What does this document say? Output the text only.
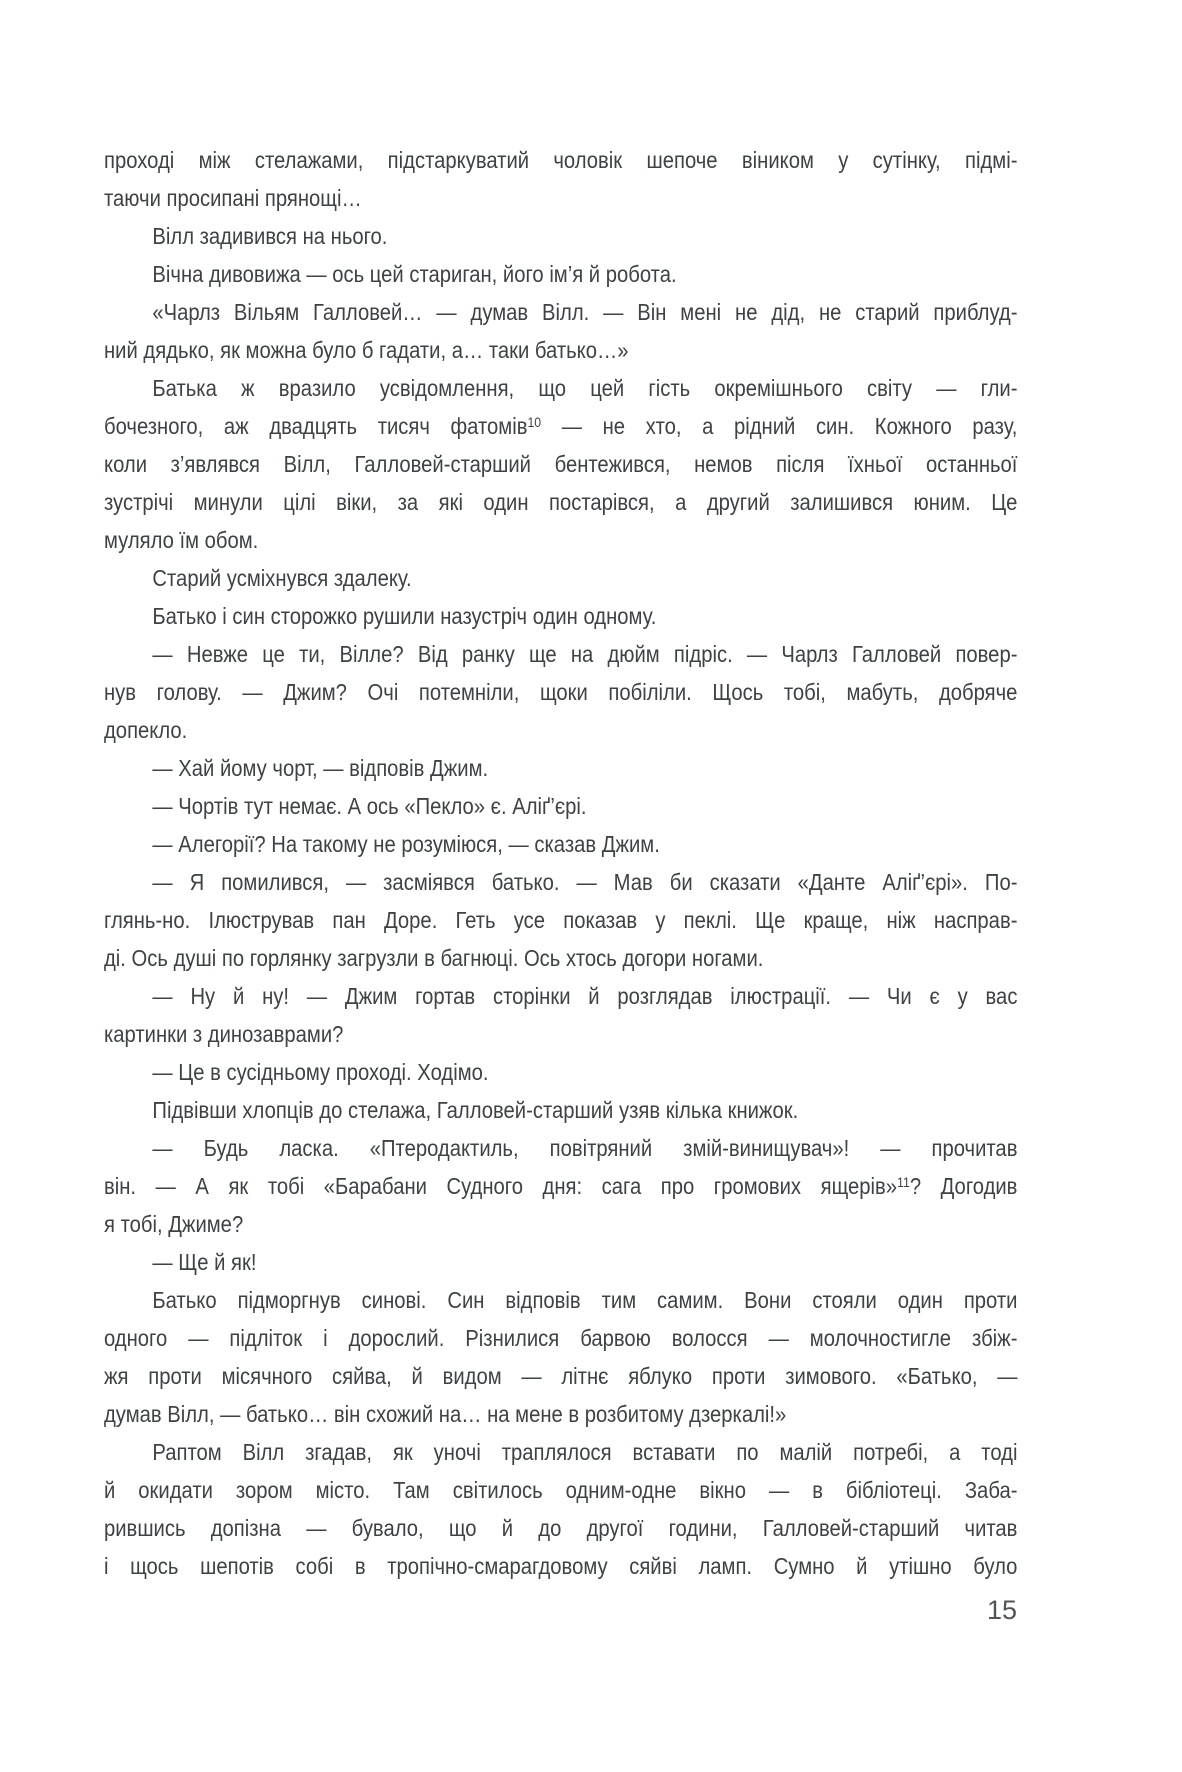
проході між стелажами, підстаркуватий чоловік шепоче віником у сутінку, підмі-
таючи просипані прянощі…
Вілл задивився на нього.
Вічна дивовижа — ось цей стариган, його ім’я й робота.
«Чарлз Вільям Галловей… — думав Вілл. — Він мені не дід, не старий приблуд-
ний дядько, як можна було б гадати, а… таки батько…»
Батька ж вразило усвідомлення, що цей гість окремішнього світу — гли-
бочезного, аж двадцять тисяч фатомів$^{10}$ — не хто, а рідний син. Кожного разу,
коли з’являвся Вілл, Галловей-старший бентежився, немов після їхньої останньої
зустрічі минули цілі віки, за які один постарівся, а другий залишився юним. Це
муляло їм обом.
Старий усміхнувся здалеку.
Батько і син сторожко рушили назустріч один одному.
— Невже це ти, Вілле? Від ранку ще на дюйм підріс. — Чарлз Галловей повер-
нув голову. — Джим? Очі потемніли, щоки побіліли. Щось тобі, мабуть, добряче
допекло.
— Хай йому чорт, — відповів Джим.
— Чортів тут немає. А ось «Пекло» є. Аліґ’єрі.
— Алегорії? На такому не розуміюся, — сказав Джим.
— Я помилився, — засміявся батько. — Мав би сказати «Данте Аліґ’єрі». По-
глянь-но. Ілюстрував пан Доре. Геть усе показав у пеклі. Ще краще, ніж насправ-
ді. Ось душі по горлянку загрузли в багнюці. Ось хтось догори ногами.
— Ну й ну! — Джим гортав сторінки й розглядав ілюстрації. — Чи є у вас
картинки з динозаврами?
— Це в сусідньому проході. Ходімо.
Підвівши хлопців до стелажа, Галловей-старший узяв кілька книжок.
— Будь ласка. «Птеродактиль, повітряний змій-винищувач»! — прочитав
він. — А як тобі «Барабани Судного дня: сага про громових ящерів»$^{11}$? Догодив
я тобі, Джиме?
— Ще й як!
Батько підморгнув синові. Син відповів тим самим. Вони стояли один проти
одного — підліток і дорослий. Різнилися барвою волосся — молочностигле збіж-
жя проти місячного сяйва, й видом — літнє яблуко проти зимового. «Батько, —
думав Вілл, — батько… він схожий на… на мене в розбитому дзеркалі!»
Раптом Вілл згадав, як уночі траплялося вставати по малій потребі, а тоді
й окидати зором місто. Там світилось одним-одне вікно — в бібліотеці. Заба-
рившись допізна — бувало, що й до другої години, Галловей-старший читав
і щось шепотів собі в тропічно-смарагдовому сяйві ламп. Сумно й утішно було
15
